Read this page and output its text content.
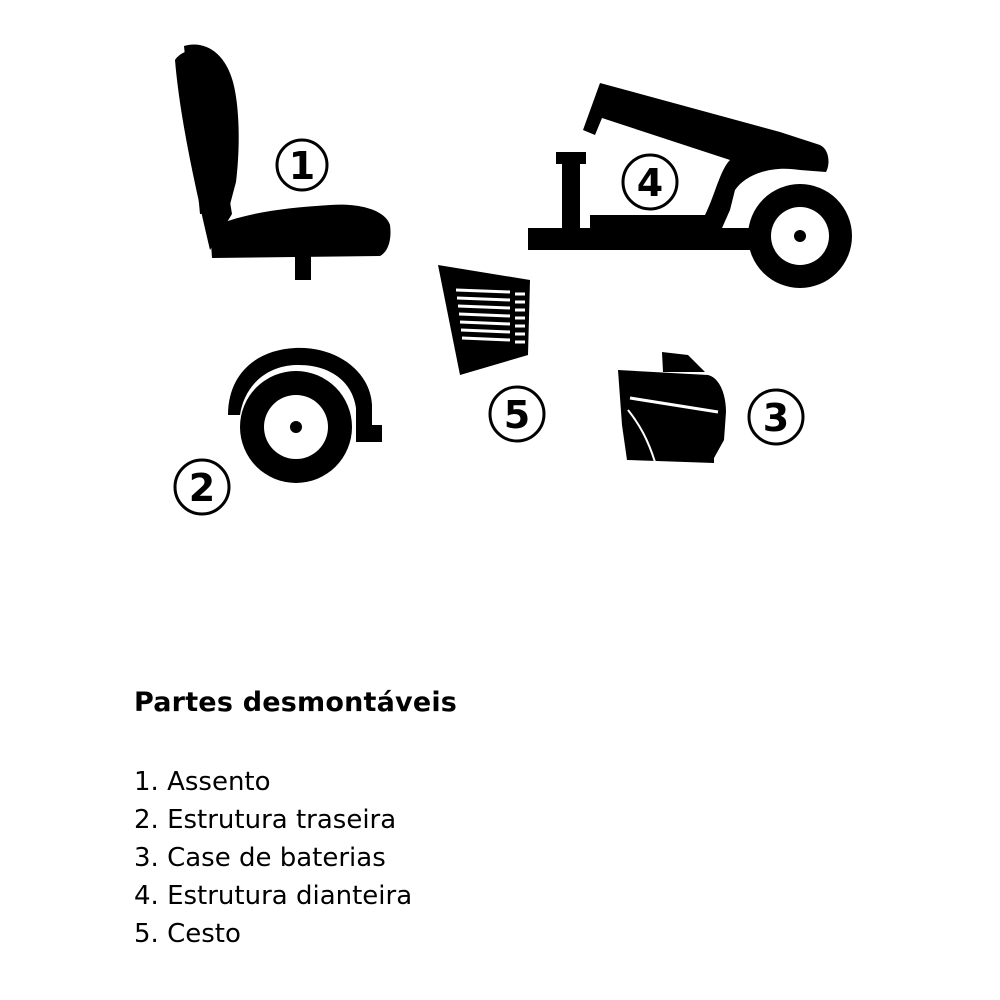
1	4
5
2
3
Partes desmontáveis
1. Assento
2. Estrutura traseira
3. Case de baterias
4. Estrutura dianteira
5. Cesto
